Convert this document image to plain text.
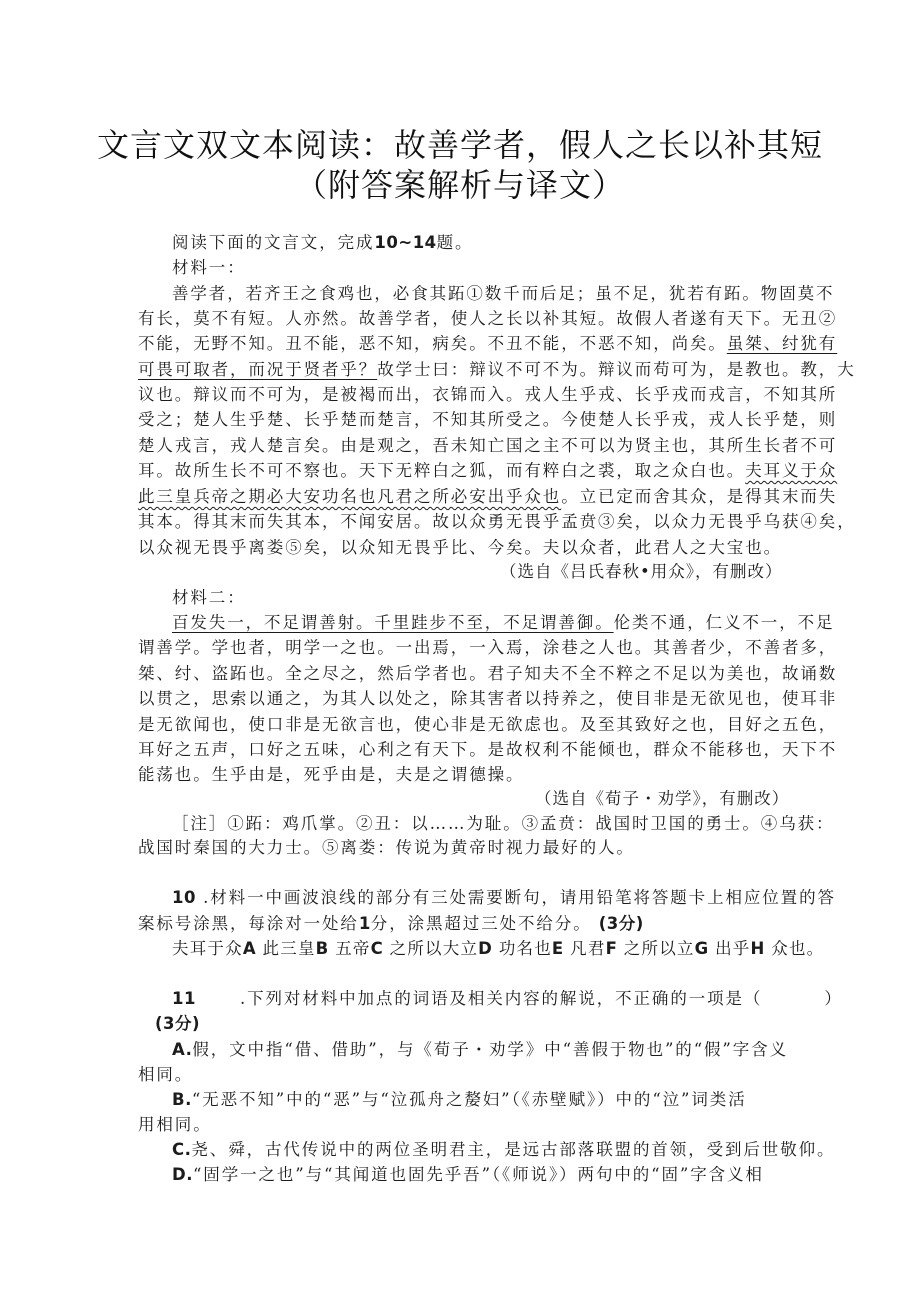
文言文双文本阅读：故善学者，假人之长以补其短
（附答案解析与译文）
阅读下面的文言文，完成10~14题。
材料一：
善学者，若齐王之食鸡也，必食其跖①数千而后足；虽不足，犹若有跖。物固莫不
有长，莫不有短。人亦然。故善学者，使人之长以补其短。故假人者遂有天下。无丑②
不能，无野不知。丑不能，恶不知，病矣。不丑不能，不恶不知，尚矣。虽桀、纣犹有
可畏可取者，而况于贤者乎？故学士曰：辩议不可不为。辩议而苟可为，是教也。教，大
议也。辩议而不可为，是被褐而出，衣锦而入。戎人生乎戎、长乎戎而戎言，不知其所
受之；楚人生乎楚、长乎楚而楚言，不知其所受之。今使楚人长乎戎，戎人长乎楚，则
楚人戎言，戎人楚言矣。由是观之，吾未知亡国之主不可以为贤主也，其所生长者不可
耳。故所生长不可不察也。天下无粹白之狐，而有粹白之裘，取之众白也。夫耳义于众
此三皇兵帝之期必大安功名也凡君之所必安出乎众也。立已定而舍其众，是得其末而失
其本。得其末而失其本，不闻安居。故以众勇无畏乎孟贲③矣，以众力无畏乎乌获④矣，
以众视无畏乎离娄⑤矣，以众知无畏乎比、今矣。夫以众者，此君人之大宝也。
（选自《吕氏春秋•用众》，有删改）
材料二：
百发失一，不足谓善射。千里跬步不至，不足谓善御。伦类不通，仁义不一，不足
谓善学。学也者，明学一之也。一出焉，一入焉，涂巷之人也。其善者少，不善者多，
桀、纣、盗跖也。全之尽之，然后学者也。君子知夫不全不粹之不足以为美也，故诵数
以贯之，思索以通之，为其人以处之，除其害者以持养之，使目非是无欲见也，使耳非
是无欲闻也，使口非是无欲言也，使心非是无欲虑也。及至其致好之也，目好之五色，
耳好之五声，口好之五味，心利之有天下。是故权利不能倾也，群众不能移也，天下不
能荡也。生乎由是，死乎由是，夫是之谓德操。
（选自《荀子・劝学》，有删改）
［注］①跖：鸡爪掌。②丑：以……为耻。③孟贲：战国时卫国的勇士。④乌获：
战国时秦国的大力士。⑤离娄：传说为黄帝时视力最好的人。
10 .材料一中画波浪线的部分有三处需要断句，请用铅笔将答题卡上相应位置的答
案标号涂黑，每涂对一处给1分，涂黑超过三处不给分。 (3分)
夫耳于众A 此三皇B 五帝C 之所以大立D 功名也E 凡君F 之所以立G 出乎H 众也。
11	.下列对材料中加点的词语及相关内容的解说，不正确的一项是（	）
(3分)
A.假，文中指“借、借助”，与《荀子・劝学》中“善假于物也”的“假”字含义
相同。
B.“无恶不知”中的“恶”与“泣孤舟之嫠妇”（《赤壁赋》）中的“泣”词类活
用相同。
C.尧、舜，古代传说中的两位圣明君主，是远古部落联盟的首领，受到后世敬仰。
D.“固学一之也”与“其闻道也固先乎吾”（《师说》）两句中的“固”字含义相
